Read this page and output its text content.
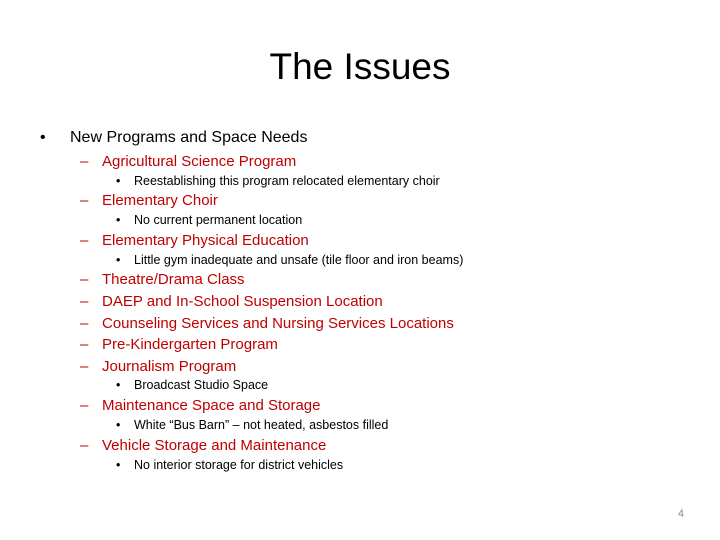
The Issues
• New Programs and Space Needs
– Agricultural Science Program
• Reestablishing this program relocated elementary choir
– Elementary Choir
• No current permanent location
– Elementary Physical Education
• Little gym inadequate and unsafe (tile floor and iron beams)
– Theatre/Drama Class
– DAEP and In-School Suspension Location
– Counseling Services and Nursing Services Locations
– Pre-Kindergarten Program
– Journalism Program
• Broadcast Studio Space
– Maintenance Space and Storage
• White “Bus Barn” – not heated, asbestos filled
– Vehicle Storage and Maintenance
• No interior storage for district vehicles
4
